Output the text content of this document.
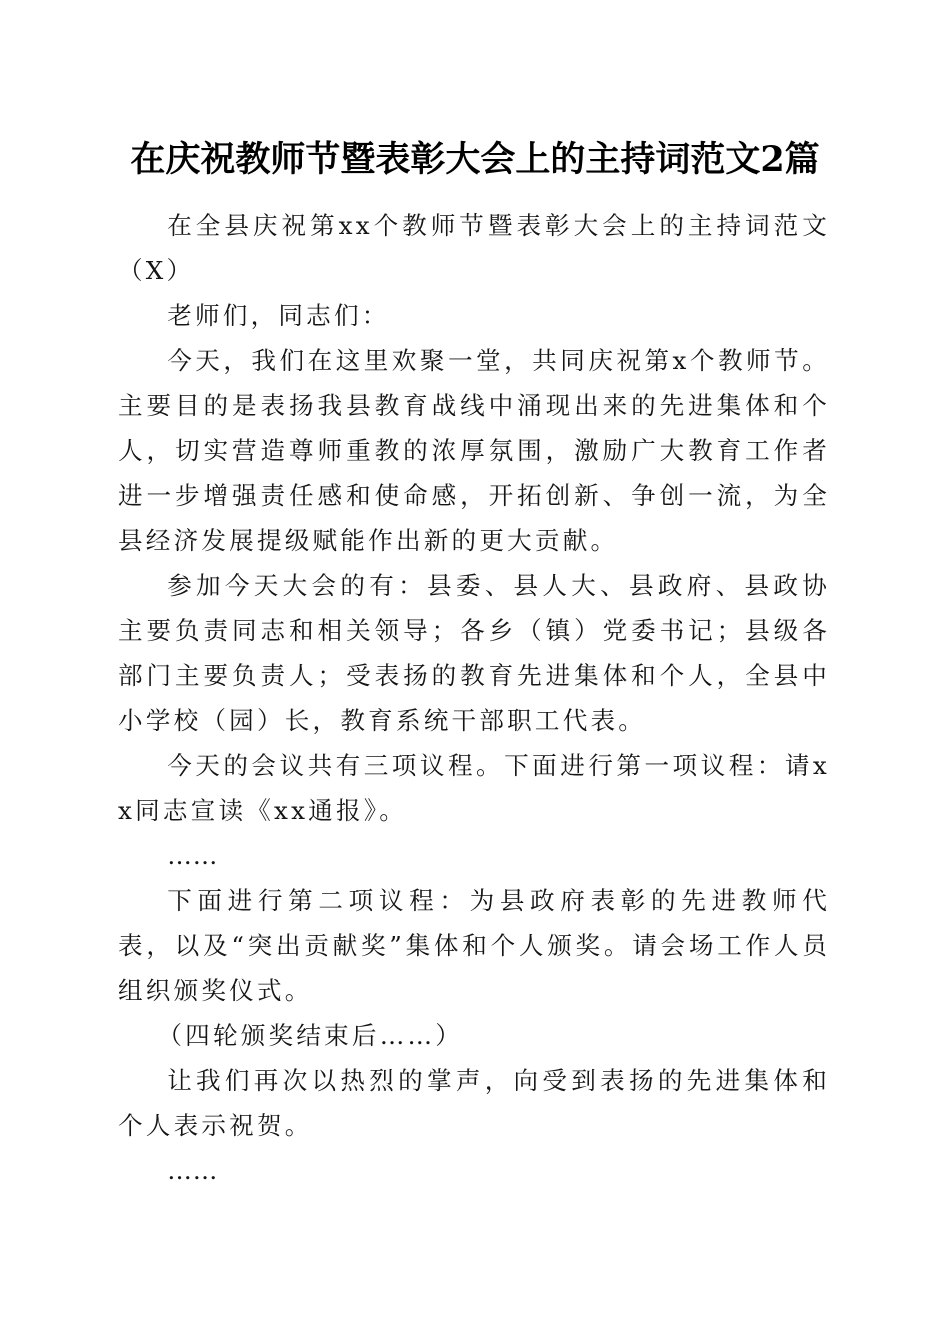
在庆祝教师节暨表彰大会上的主持词范文2篇

在全县庆祝第xx个教师节暨表彰大会上的主持词范文（X）

老师们，同志们：

今天，我们在这里欢聚一堂，共同庆祝第x个教师节。主要目的是表扬我县教育战线中涌现出来的先进集体和个人，切实营造尊师重教的浓厚氛围，激励广大教育工作者进一步增强责任感和使命感，开拓创新、争创一流，为全县经济发展提级赋能作出新的更大贡献。

参加今天大会的有：县委、县人大、县政府、县政协主要负责同志和相关领导；各乡（镇）党委书记；县级各部门主要负责人；受表扬的教育先进集体和个人，全县中小学校（园）长，教育系统干部职工代表。

今天的会议共有三项议程。下面进行第一项议程：请xx同志宣读《xx通报》。

……

下面进行第二项议程：为县政府表彰的先进教师代表，以及“突出贡献奖”集体和个人颁奖。请会场工作人员组织颁奖仪式。

（四轮颁奖结束后……）

让我们再次以热烈的掌声，向受到表扬的先进集体和个人表示祝贺。

……
